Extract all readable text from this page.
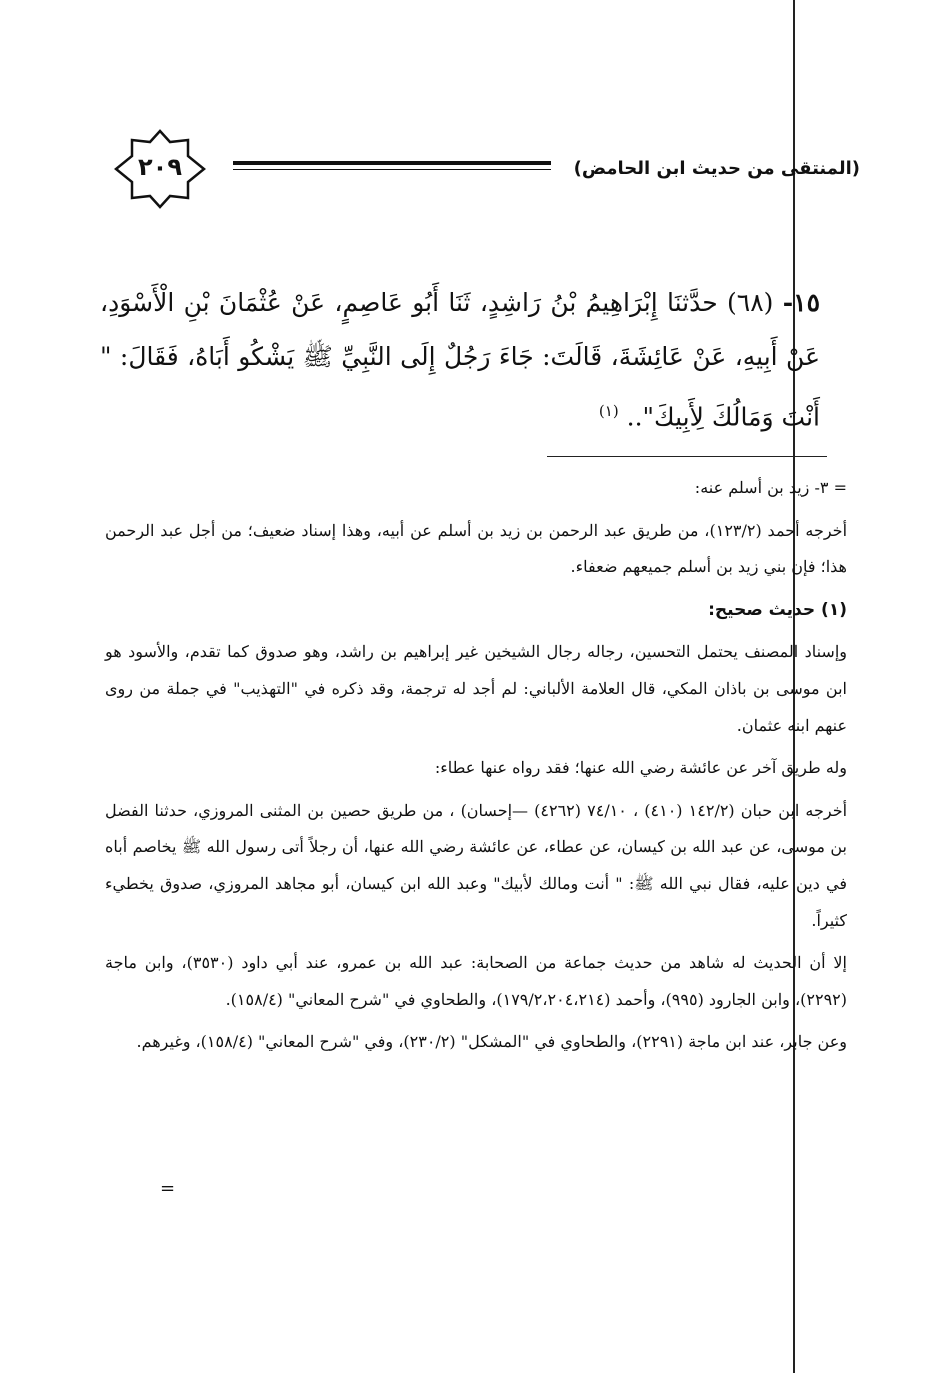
(المنتقى من حديث ابن الحامض)
٢٠٩
١٥- (٦٨) حدَّثنَا إِبْرَاهِيمُ بْنُ رَاشِدٍ، ثَنَا أَبُو عَاصِمٍ، عَنْ عُثْمَانَ بْنِ الْأَسْوَدِ، عَنْ أَبِيهِ، عَنْ عَائِشَةَ، قَالَتَ: جَاءَ رَجُلٌ إِلَى النَّبِيِّ ﷺ يَشْكُو أَبَاهُ، فَقَالَ: " أَنْتَ وَمَالُكَ لِأَبِيكَ".. $^{(١)}$

= ٣- زيد بن أسلم عنه:

أخرجه أحمد (١٢٣/٢)، من طريق عبد الرحمن بن زيد بن أسلم عن أبيه، وهذا إسناد ضعيف؛ من أجل عبد الرحمن هذا؛ فإن بني زيد بن أسلم جميعهم ضعفاء.

(١) حديث صحيح:

وإسناد المصنف يحتمل التحسين، رجاله رجال الشيخين غير إبراهيم بن راشد، وهو صدوق كما تقدم، والأسود هو ابن موسى بن باذان المكي، قال العلامة الألباني: لم أجد له ترجمة، وقد ذكره في "التهذيب" في جملة من روى عنهم ابنه عثمان.

وله طريق آخر عن عائشة رضي الله عنها؛ فقد رواه عنها عطاء:

أخرجه ابن حبان (١٤٢/٢ (٤١٠) ، ٧٤/١٠ (٤٢٦٢) —إحسان) ، من طريق حصين بن المثنى المروزي، حدثنا الفضل بن موسى، عن عبد الله بن كيسان، عن عطاء، عن عائشة رضي الله عنها، أن رجلاً أتى رسول الله ﷺ يخاصم أباه في دين عليه، فقال نبي الله ﷺ: " أنت ومالك لأبيك" وعبد الله ابن كيسان، أبو مجاهد المروزي، صدوق يخطيء كثيراً.

إلا أن الحديث له شاهد من حديث جماعة من الصحابة: عبد الله بن عمرو، عند أبي داود (٣٥٣٠)، وابن ماجة (٢٢٩٢)، وابن الجارود (٩٩٥)، وأحمد (١٧٩/٢،٢٠٤،٢١٤)، والطحاوي في "شرح المعاني" (١٥٨/٤).

وعن جابر، عند ابن ماجة (٢٢٩١)، والطحاوي في "المشكل" (٢٣٠/٢)، وفي "شرح المعاني" (١٥٨/٤)، وغيرهم.

=
